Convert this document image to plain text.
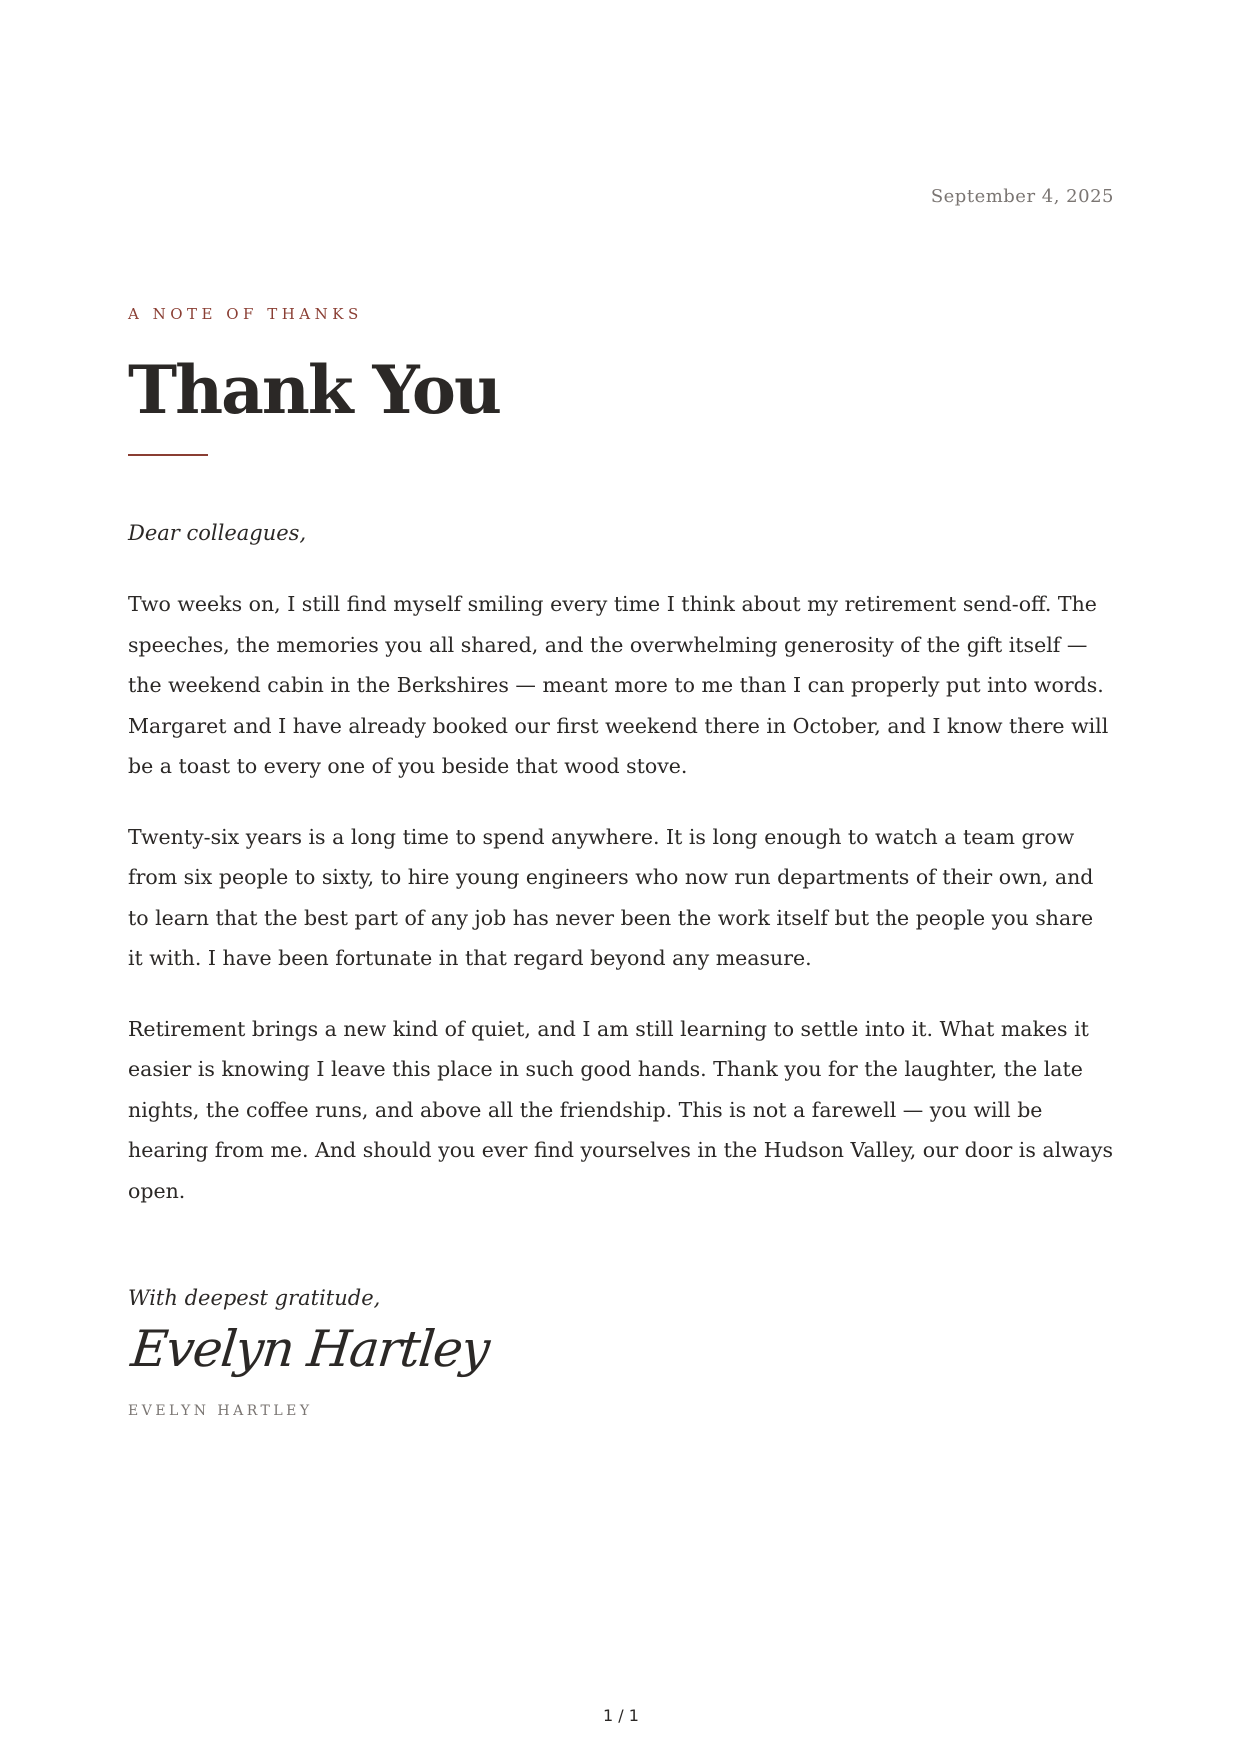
September 4, 2025

A NOTE OF THANKS

Thank You

Dear colleagues,

Two weeks on, I still find myself smiling every time I think about my retirement send-off. The speeches, the memories you all shared, and the overwhelming generosity of the gift itself — the weekend cabin in the Berkshires — meant more to me than I can properly put into words. Margaret and I have already booked our first weekend there in October, and I know there will be a toast to every one of you beside that wood stove.

Twenty-six years is a long time to spend anywhere. It is long enough to watch a team grow from six people to sixty, to hire young engineers who now run departments of their own, and to learn that the best part of any job has never been the work itself but the people you share it with. I have been fortunate in that regard beyond any measure.

Retirement brings a new kind of quiet, and I am still learning to settle into it. What makes it easier is knowing I leave this place in such good hands. Thank you for the laughter, the late nights, the coffee runs, and above all the friendship. This is not a farewell — you will be hearing from me. And should you ever find yourselves in the Hudson Valley, our door is always open.

With deepest gratitude,

Evelyn Hartley

EVELYN HARTLEY

1 / 1
